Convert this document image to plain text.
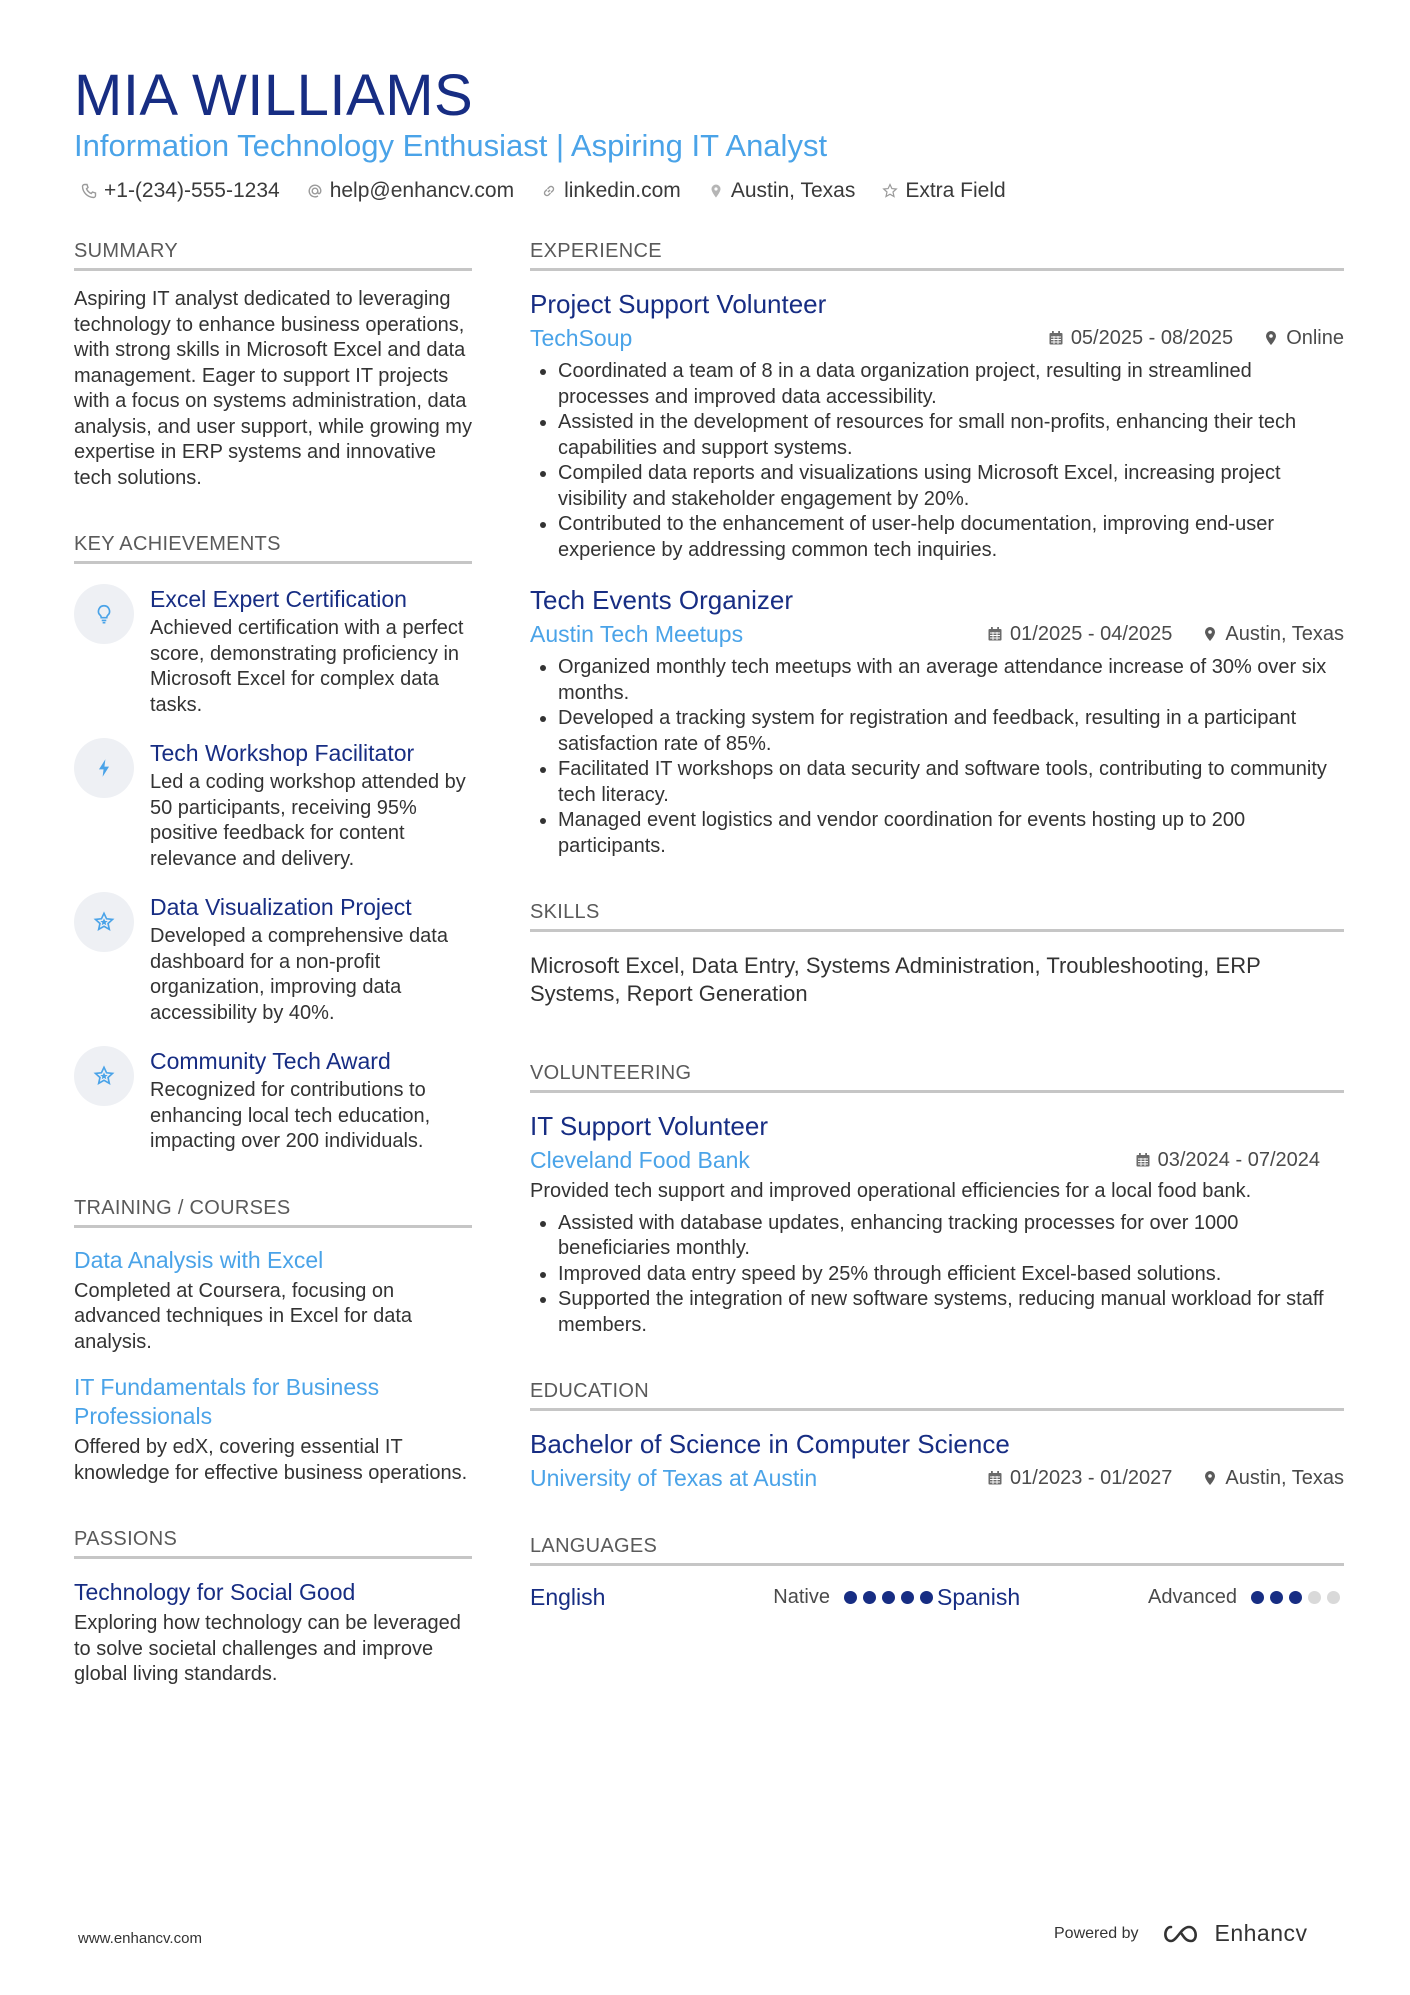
MIA WILLIAMS
Information Technology Enthusiast | Aspiring IT Analyst
+1-(234)-555-1234 help@enhancv.com linkedin.com Austin, Texas Extra Field
SUMMARY
Aspiring IT analyst dedicated to leveraging technology to enhance business operations, with strong skills in Microsoft Excel and data management. Eager to support IT projects with a focus on systems administration, data analysis, and user support, while growing my expertise in ERP systems and innovative tech solutions.
KEY ACHIEVEMENTS
Excel Expert Certification
Achieved certification with a perfect score, demonstrating proficiency in Microsoft Excel for complex data tasks.
Tech Workshop Facilitator
Led a coding workshop attended by 50 participants, receiving 95% positive feedback for content relevance and delivery.
Data Visualization Project
Developed a comprehensive data dashboard for a non-profit organization, improving data accessibility by 40%.
Community Tech Award
Recognized for contributions to enhancing local tech education, impacting over 200 individuals.
TRAINING / COURSES
Data Analysis with Excel
Completed at Coursera, focusing on advanced techniques in Excel for data analysis.
IT Fundamentals for Business Professionals
Offered by edX, covering essential IT knowledge for effective business operations.
PASSIONS
Technology for Social Good
Exploring how technology can be leveraged to solve societal challenges and improve global living standards.
EXPERIENCE
Project Support Volunteer
TechSoup	05/2025 - 08/2025	Online
• Coordinated a team of 8 in a data organization project, resulting in streamlined processes and improved data accessibility.
• Assisted in the development of resources for small non-profits, enhancing their tech capabilities and support systems.
• Compiled data reports and visualizations using Microsoft Excel, increasing project visibility and stakeholder engagement by 20%.
• Contributed to the enhancement of user-help documentation, improving end-user experience by addressing common tech inquiries.
Tech Events Organizer
Austin Tech Meetups	01/2025 - 04/2025	Austin, Texas
• Organized monthly tech meetups with an average attendance increase of 30% over six months.
• Developed a tracking system for registration and feedback, resulting in a participant satisfaction rate of 85%.
• Facilitated IT workshops on data security and software tools, contributing to community tech literacy.
• Managed event logistics and vendor coordination for events hosting up to 200 participants.
SKILLS
Microsoft Excel, Data Entry, Systems Administration, Troubleshooting, ERP Systems, Report Generation
VOLUNTEERING
IT Support Volunteer
Cleveland Food Bank	03/2024 - 07/2024
Provided tech support and improved operational efficiencies for a local food bank.
• Assisted with database updates, enhancing tracking processes for over 1000 beneficiaries monthly.
• Improved data entry speed by 25% through efficient Excel-based solutions.
• Supported the integration of new software systems, reducing manual workload for staff members.
EDUCATION
Bachelor of Science in Computer Science
University of Texas at Austin	01/2023 - 01/2027	Austin, Texas
LANGUAGES
English	Native	Spanish	Advanced
www.enhancv.com	Powered by	Enhancv
